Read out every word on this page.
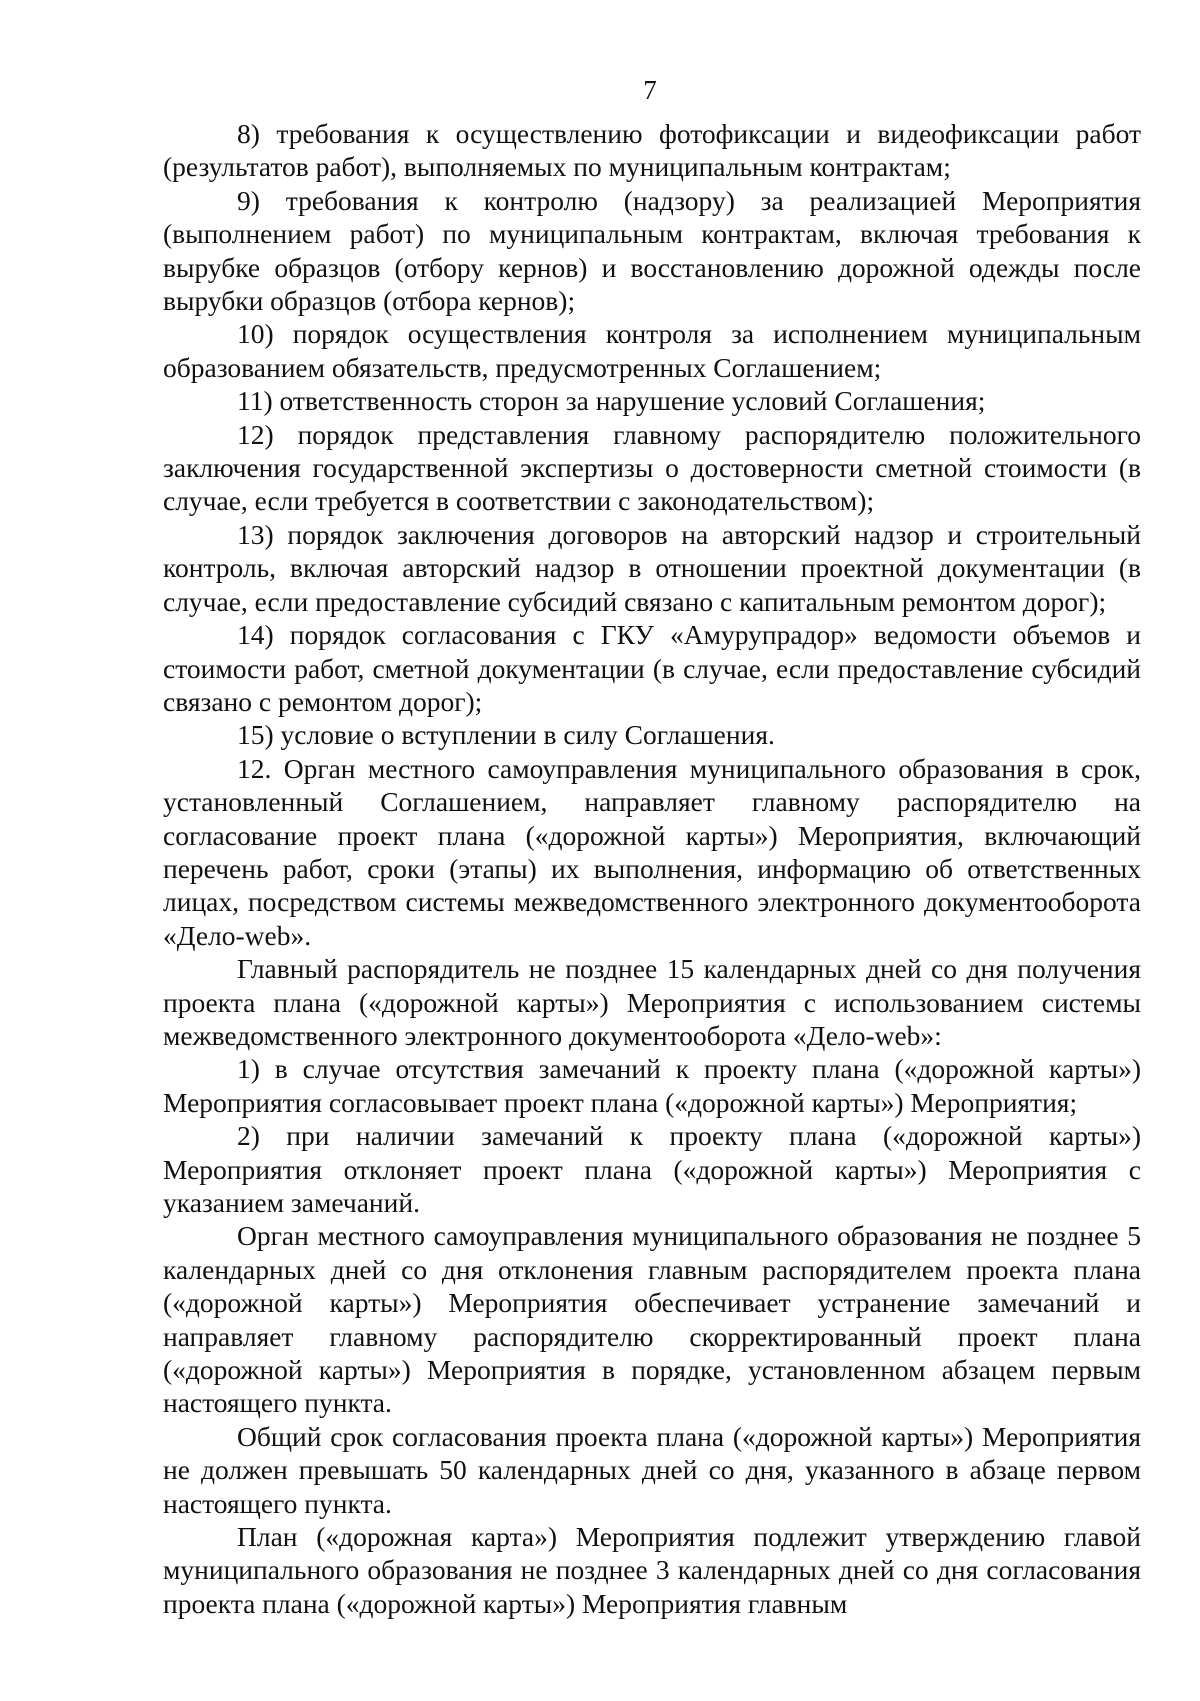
7

8) требования к осуществлению фотофиксации и видеофиксации работ (результатов работ), выполняемых по муниципальным контрактам;

9) требования к контролю (надзору) за реализацией Мероприятия (выполнением работ) по муниципальным контрактам, включая требования к вырубке образцов (отбору кернов) и восстановлению дорожной одежды после вырубки образцов (отбора кернов);

10) порядок осуществления контроля за исполнением муниципальным образованием обязательств, предусмотренных Соглашением;

11) ответственность сторон за нарушение условий Соглашения;

12) порядок представления главному распорядителю положительного заключения государственной экспертизы о достоверности сметной стоимости (в случае, если требуется в соответствии с законодательством);

13) порядок заключения договоров на авторский надзор и строительный контроль, включая авторский надзор в отношении проектной документации (в случае, если предоставление субсидий связано с капитальным ремонтом дорог);

14) порядок согласования с ГКУ «Амурупрадор» ведомости объемов и стоимости работ, сметной документации (в случае, если предоставление субсидий связано с ремонтом дорог);

15) условие о вступлении в силу Соглашения.

12. Орган местного самоуправления муниципального образования в срок, установленный Соглашением, направляет главному распорядителю на согласование проект плана («дорожной карты») Мероприятия, включающий перечень работ, сроки (этапы) их выполнения, информацию об ответственных лицах, посредством системы межведомственного электронного документооборота «Дело-web».

Главный распорядитель не позднее 15 календарных дней со дня получения проекта плана («дорожной карты») Мероприятия с использованием системы межведомственного электронного документооборота «Дело-web»:

1) в случае отсутствия замечаний к проекту плана («дорожной карты») Мероприятия согласовывает проект плана («дорожной карты») Мероприятия;

2) при наличии замечаний к проекту плана («дорожной карты») Мероприятия отклоняет проект плана («дорожной карты») Мероприятия с указанием замечаний.

Орган местного самоуправления муниципального образования не позднее 5 календарных дней со дня отклонения главным распорядителем проекта плана («дорожной карты») Мероприятия обеспечивает устранение замечаний и направляет главному распорядителю скорректированный проект плана («дорожной карты») Мероприятия в порядке, установленном абзацем первым настоящего пункта.

Общий срок согласования проекта плана («дорожной карты») Мероприятия не должен превышать 50 календарных дней со дня, указанного в абзаце первом настоящего пункта.

План («дорожная карта») Мероприятия подлежит утверждению главой муниципального образования не позднее 3 календарных дней со дня согласования проекта плана («дорожной карты») Мероприятия главным
